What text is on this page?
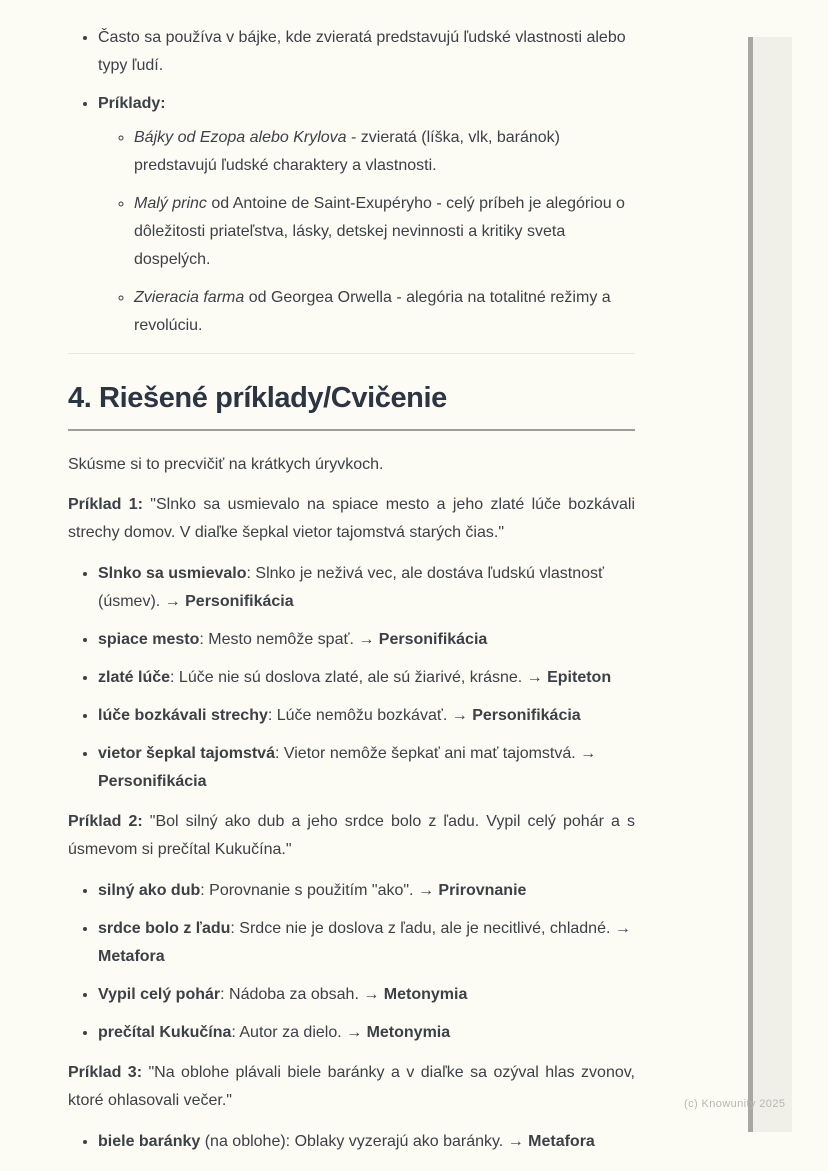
• Často sa používa v bájke, kde zvieratá predstavujú ľudské vlastnosti alebo typy ľudí.
• Príklady:
◦ Bájky od Ezopa alebo Krylova - zvieratá (líška, vlk, baránok) predstavujú ľudské charaktery a vlastnosti.
◦ Malý princ od Antoine de Saint-Exupéryho - celý príbeh je alegóriou o dôležitosti priateľstva, lásky, detskej nevinnosti a kritiky sveta dospelých.
◦ Zvieracia farma od Georgea Orwella - alegória na totalitné režimy a revolúciu.
4. Riešené príklady/Cvičenie

Skúsme si to precvičiť na krátkych úryvkoch.

Príklad 1: "Slnko sa usmievalo na spiace mesto a jeho zlaté lúče bozkávali strechy domov. V diaľke šepkal vietor tajomstvá starých čias."

• Slnko sa usmievalo: Slnko je neživá vec, ale dostáva ľudskú vlastnosť (úsmev). → Personifikácia
• spiace mesto: Mesto nemôže spať. → Personifikácia
• zlaté lúče: Lúče nie sú doslova zlaté, ale sú žiarivé, krásne. → Epiteton
• lúče bozkávali strechy: Lúče nemôžu bozkávať. → Personifikácia
• vietor šepkal tajomstvá: Vietor nemôže šepkať ani mať tajomstvá. → Personifikácia

Príklad 2: "Bol silný ako dub a jeho srdce bolo z ľadu. Vypil celý pohár a s úsmevom si prečítal Kukučína."

• silný ako dub: Porovnanie s použitím "ako". → Prirovnanie
• srdce bolo z ľadu: Srdce nie je doslova z ľadu, ale je necitlivé, chladné. → Metafora
• Vypil celý pohár: Nádoba za obsah. → Metonymia
• prečítal Kukučína: Autor za dielo. → Metonymia

Príklad 3: "Na oblohe plávali biele baránky a v diaľke sa ozýval hlas zvonov, ktoré ohlasovali večer."

• biele baránky (na oblohe): Oblaky vyzerajú ako baránky. → Metafora
(c) Knowunity 2025
